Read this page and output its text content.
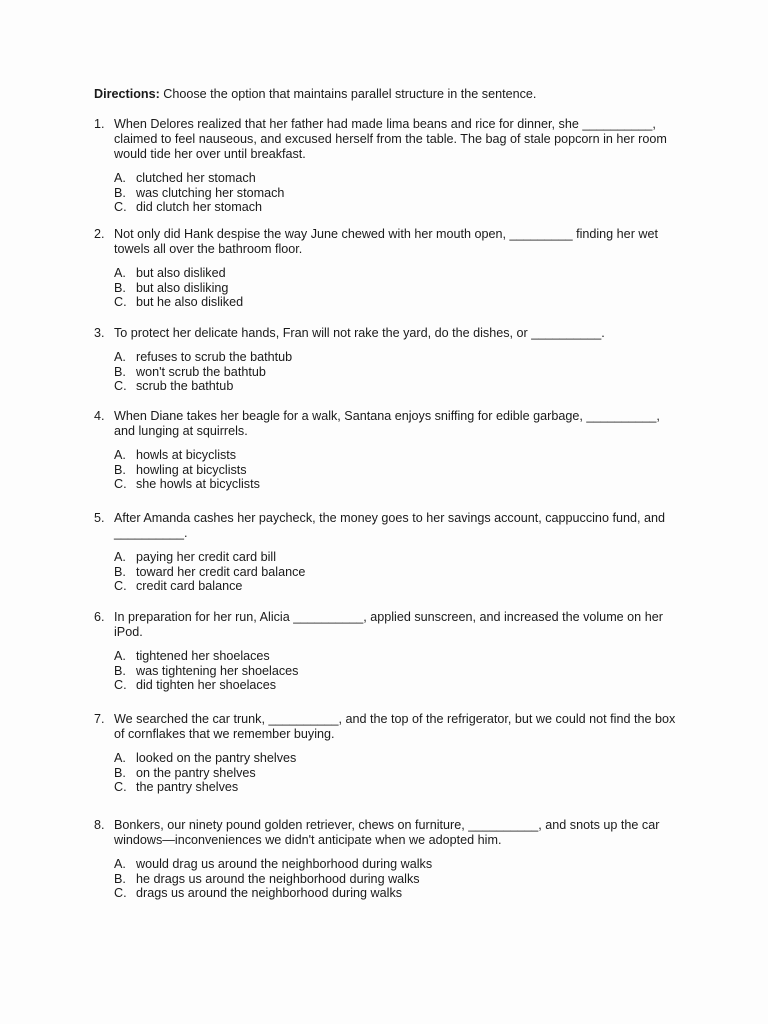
Directions: Choose the option that maintains parallel structure in the sentence.
1. When Delores realized that her father had made lima beans and rice for dinner, she __________, claimed to feel nauseous, and excused herself from the table. The bag of stale popcorn in her room would tide her over until breakfast.
A. clutched her stomach
B. was clutching her stomach
C. did clutch her stomach
2. Not only did Hank despise the way June chewed with her mouth open, _________ finding her wet towels all over the bathroom floor.
A. but also disliked
B. but also disliking
C. but he also disliked
3. To protect her delicate hands, Fran will not rake the yard, do the dishes, or __________.
A. refuses to scrub the bathtub
B. won't scrub the bathtub
C. scrub the bathtub
4. When Diane takes her beagle for a walk, Santana enjoys sniffing for edible garbage, __________, and lunging at squirrels.
A. howls at bicyclists
B. howling at bicyclists
C. she howls at bicyclists
5. After Amanda cashes her paycheck, the money goes to her savings account, cappuccino fund, and __________.
A. paying her credit card bill
B. toward her credit card balance
C. credit card balance
6. In preparation for her run, Alicia __________, applied sunscreen, and increased the volume on her iPod.
A. tightened her shoelaces
B. was tightening her shoelaces
C. did tighten her shoelaces
7. We searched the car trunk, __________, and the top of the refrigerator, but we could not find the box of cornflakes that we remember buying.
A. looked on the pantry shelves
B. on the pantry shelves
C. the pantry shelves
8. Bonkers, our ninety pound golden retriever, chews on furniture, __________, and snots up the car windows—inconveniences we didn't anticipate when we adopted him.
A. would drag us around the neighborhood during walks
B. he drags us around the neighborhood during walks
C. drags us around the neighborhood during walks
